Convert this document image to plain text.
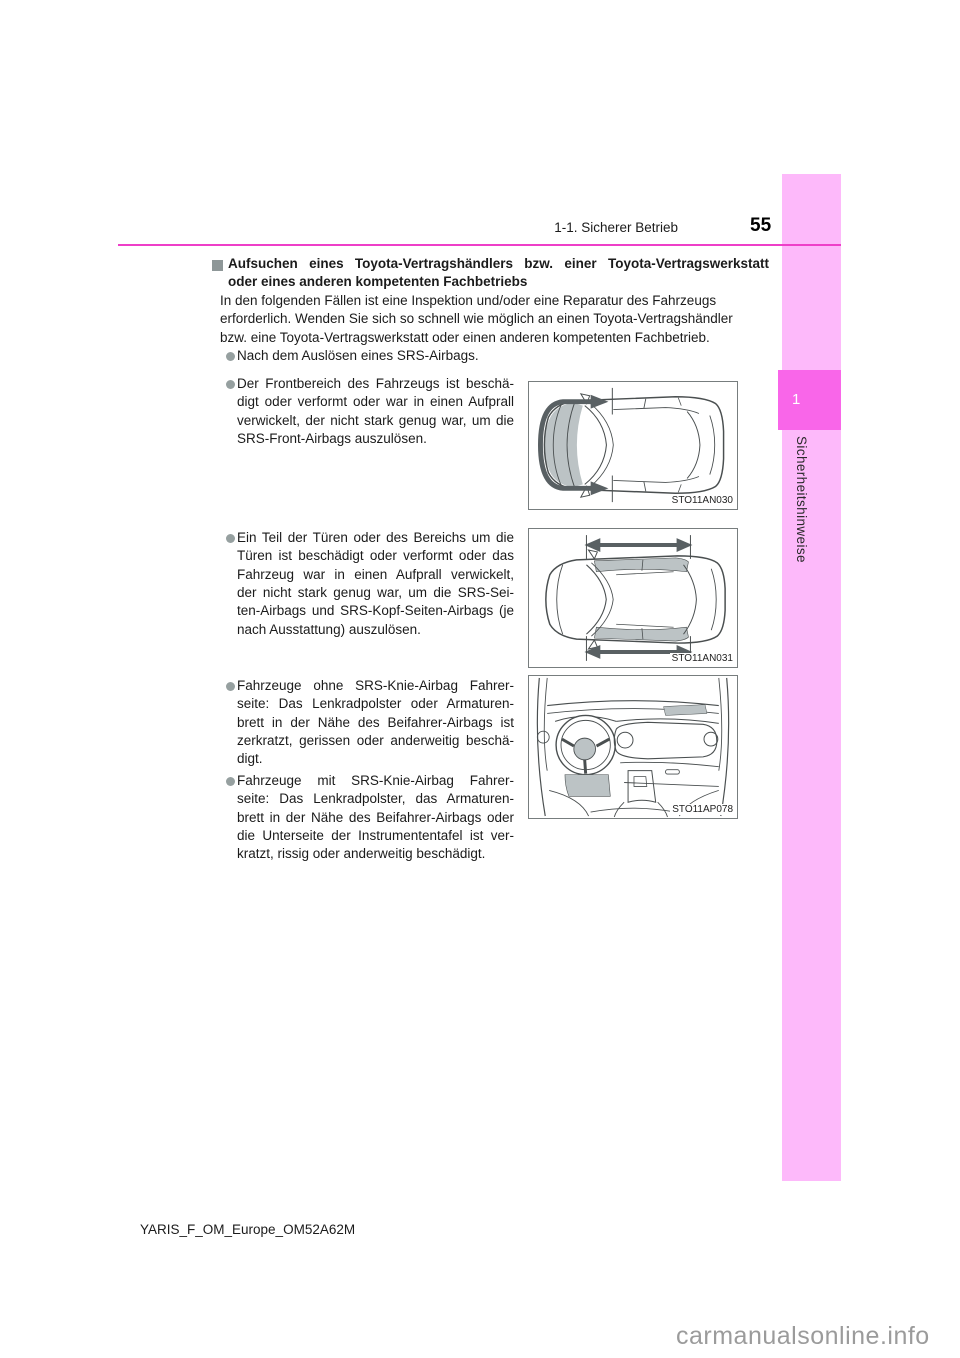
1-1. Sicherer Betrieb	55
1
Sicherheitshinweise
Aufsuchen eines Toyota-Vertragshändlers bzw. einer Toyota-Vertragswerkstatt
oder eines anderen kompetenten Fachbetriebs
In den folgenden Fällen ist eine Inspektion und/oder eine Reparatur des Fahrzeugs
erforderlich. Wenden Sie sich so schnell wie möglich an einen Toyota-Vertragshändler
bzw. eine Toyota-Vertragswerkstatt oder einen anderen kompetenten Fachbetrieb.
Nach dem Auslösen eines SRS-Airbags.
Der Frontbereich des Fahrzeugs ist beschä-
digt oder verformt oder war in einen Aufprall
verwickelt, der nicht stark genug war, um die
SRS-Front-Airbags auszulösen.
Ein Teil der Türen oder des Bereichs um die
Türen ist beschädigt oder verformt oder das
Fahrzeug war in einen Aufprall verwickelt,
der nicht stark genug war, um die SRS-Sei-
ten-Airbags und SRS-Kopf-Seiten-Airbags (je
nach Ausstattung) auszulösen.
Fahrzeuge ohne SRS-Knie-Airbag Fahrer-
seite: Das Lenkradpolster oder Armaturen-
brett in der Nähe des Beifahrer-Airbags ist
zerkratzt, gerissen oder anderweitig beschä-
digt.
Fahrzeuge mit SRS-Knie-Airbag Fahrer-
seite: Das Lenkradpolster, das Armaturen-
brett in der Nähe des Beifahrer-Airbags oder
die Unterseite der Instrumententafel ist ver-
kratzt, rissig oder anderweitig beschädigt.
STO11AN030
STO11AN031
STO11AP078
YARIS_F_OM_Europe_OM52A62M
carmanualsonline.info
